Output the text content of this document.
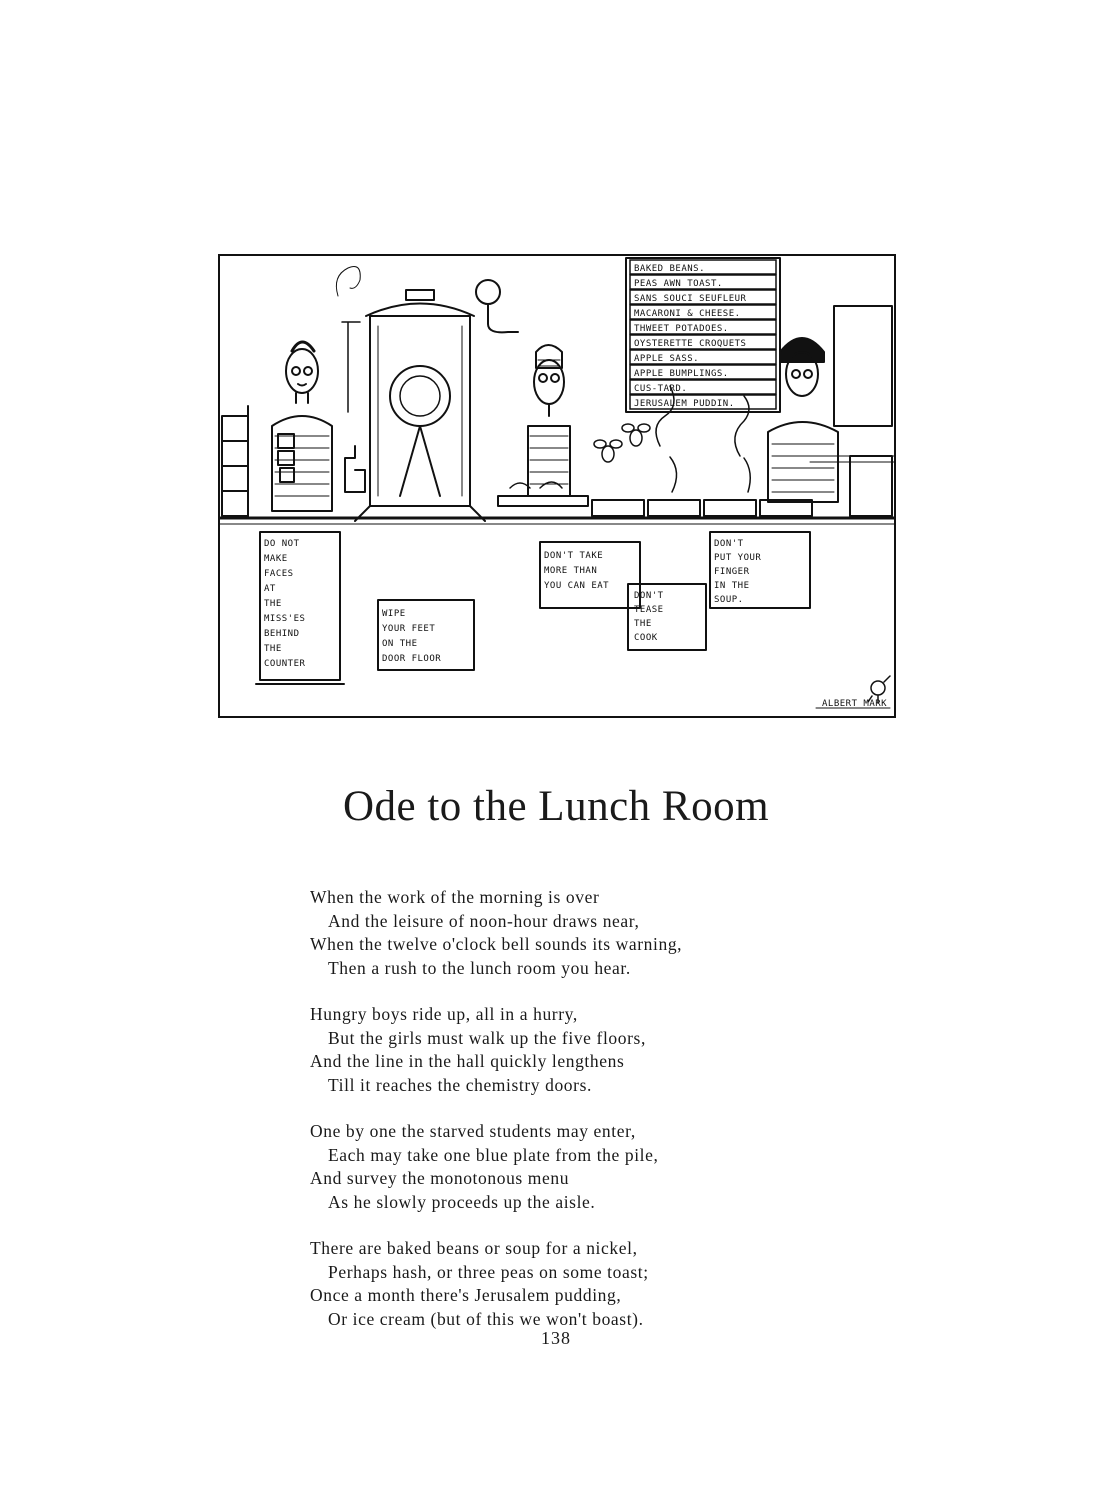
BAKED BEANS.
PEAS AWN TOAST.
SANS SOUCI SEUFLEUR
MACARONI & CHEESE.
THWEET POTADOES.
OYSTERETTE CROQUETS
APPLE SASS.
APPLE BUMPLINGS.
CUS-TARD.
JERUSALEM PUDDIN.
DO NOT
MAKE
FACES
AT
THE
MISS'ES
BEHIND
THE
COUNTER
WIPE
YOUR FEET
ON THE
DOOR FLOOR
DON'T TAKE
MORE THAN
YOU CAN EAT
DON'T
TEASE
THE
COOK
DON'T
PUT YOUR
FINGER
IN THE
SOUP.
ALBERT MARK
Ode to the Lunch Room
When the work of the morning is over
And the leisure of noon-hour draws near,
When the twelve o'clock bell sounds its warning,
Then a rush to the lunch room you hear.
Hungry boys ride up, all in a hurry,
But the girls must walk up the five floors,
And the line in the hall quickly lengthens
Till it reaches the chemistry doors.
One by one the starved students may enter,
Each may take one blue plate from the pile,
And survey the monotonous menu
As he slowly proceeds up the aisle.
There are baked beans or soup for a nickel,
Perhaps hash, or three peas on some toast;
Once a month there's Jerusalem pudding,
Or ice cream (but of this we won't boast).
138
